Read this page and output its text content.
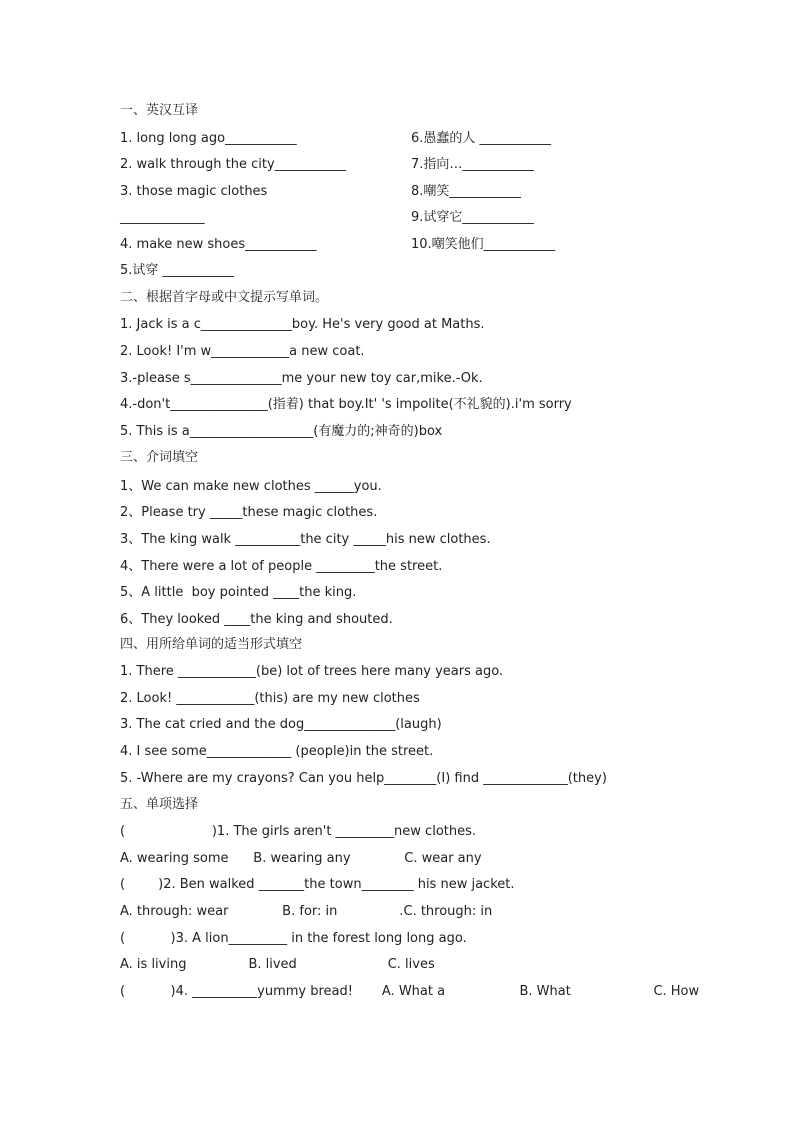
一、英汉互译
1. long long ago___________	6.愚蠢的人 ___________
2. walk through the city___________	7.指向…___________
3. those magic clothes	8.嘲笑___________
_____________	9.试穿它___________
4. make new shoes___________	10.嘲笑他们___________
5.试穿 ___________
二、根据首字母或中文提示写单词。
1. Jack is a c______________boy. He's very good at Maths.
2. Look! I'm w____________a new coat.
3.-please s______________me your new toy car,mike.-Ok.
4.-don't_______________(指着) that boy.It' 's impolite(不礼貌的).i'm sorry
5. This is a___________________(有魔力的;神奇的)box
三、介词填空
1、We can make new clothes ______you.
2、Please try _____these magic clothes.
3、The king walk __________the city _____his new clothes.
4、There were a lot of people _________the street.
5、A little  boy pointed ____the king.
6、They looked ____the king and shouted.
四、用所给单词的适当形式填空
1. There ____________(be) lot of trees here many years ago.
2. Look! ____________(this) are my new clothes
3. The cat cried and the dog______________(laugh)
4. I see some_____________ (people)in the street.
5. -Where are my crayons? Can you help________(I) find _____________(they)
五、单项选择
(                     )1. The girls aren't _________new clothes.
A. wearing some      B. wearing any             C. wear any
(        )2. Ben walked _______the town________ his new jacket.
A. through: wear             B. for: in               .C. through: in
(           )3. A lion_________ in the forest long long ago.
A. is living               B. lived                      C. lives
(           )4. __________yummy bread!       A. What a                  B. What                    C. How
